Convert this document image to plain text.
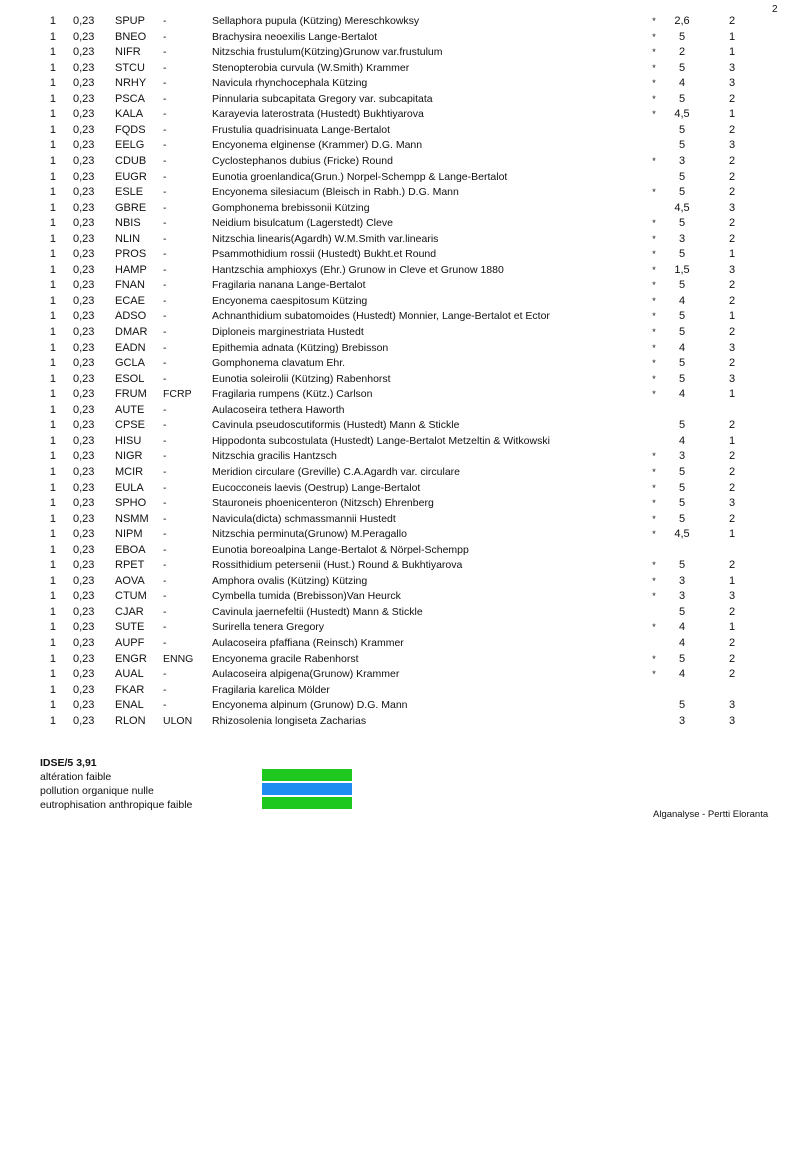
2
1 0,23 SPUP -	Sellaphora pupula (Kützing) Mereschkowksy	*	2,6	2
1 0,23 BNEO -	Brachysira neoexilis Lange-Bertalot	*	5	1
1 0,23 NIFR -	Nitzschia frustulum(Kützing)Grunow var.frustulum	*	2	1
1 0,23 STCU -	Stenopterobia curvula (W.Smith) Krammer	*	5	3
1 0,23 NRHY -	Navicula rhynchocephala Kützing	*	4	3
1 0,23 PSCA -	Pinnularia subcapitata Gregory var. subcapitata	*	5	2
1 0,23 KALA -	Karayevia laterostrata (Hustedt) Bukhtiyarova	*	4,5	1
1 0,23 FQDS -	Frustulia quadrisinuata Lange-Bertalot	5	2
1 0,23 EELG -	Encyonema elginense (Krammer) D.G. Mann	5	3
1 0,23 CDUB -	Cyclostephanos dubius (Fricke) Round	*	3	2
1 0,23 EUGR -	Eunotia groenlandica(Grun.) Norpel-Schempp & Lange-Bertalot	5	2
1 0,23 ESLE -	Encyonema silesiacum (Bleisch in Rabh.) D.G. Mann	*	5	2
1 0,23 GBRE -	Gomphonema brebissonii Kützing	4,5	3
1 0,23 NBIS -	Neidium bisulcatum (Lagerstedt) Cleve	*	5	2
1 0,23 NLIN -	Nitzschia linearis(Agardh) W.M.Smith var.linearis	*	3	2
1 0,23 PROS -	Psammothidium rossii (Hustedt) Bukht.et Round	*	5	1
1 0,23 HAMP -	Hantzschia amphioxys (Ehr.) Grunow in Cleve et Grunow 1880	*	1,5	3
1 0,23 FNAN -	Fragilaria nanana Lange-Bertalot	*	5	2
1 0,23 ECAE -	Encyonema caespitosum Kützing	*	4	2
1 0,23 ADSO -	Achnanthidium subatomoides (Hustedt) Monnier, Lange-Bertalot et Ector	*	5	1
1 0,23 DMAR -	Diploneis marginestriata Hustedt	*	5	2
1 0,23 EADN -	Epithemia adnata (Kützing) Brebisson	*	4	3
1 0,23 GCLA -	Gomphonema clavatum Ehr.	*	5	2
1 0,23 ESOL -	Eunotia soleirolii (Kützing) Rabenhorst	*	5	3
1 0,23 FRUM FCRP Fragilaria rumpens (Kütz.) Carlson	*	4	1
1 0,23 AUTE -	Aulacoseira tethera Haworth
1 0,23 CPSE -	Cavinula pseudoscutiformis (Hustedt) Mann & Stickle	5	2
1 0,23 HISU -	Hippodonta subcostulata (Hustedt) Lange-Bertalot Metzeltin & Witkowski	4	1
1 0,23 NIGR -	Nitzschia gracilis Hantzsch	*	3	2
1 0,23 MCIR -	Meridion circulare (Greville) C.A.Agardh var. circulare	*	5	2
1 0,23 EULA -	Eucocconeis laevis (Oestrup) Lange-Bertalot	*	5	2
1 0,23 SPHO -	Stauroneis phoenicenteron (Nitzsch) Ehrenberg	*	5	3
1 0,23 NSMM -	Navicula(dicta) schmassmannii Hustedt	*	5	2
1 0,23 NIPM -	Nitzschia perminuta(Grunow) M.Peragallo	*	4,5	1
1 0,23 EBOA -	Eunotia boreoalpina Lange-Bertalot & Nörpel-Schempp
1 0,23 RPET -	Rossithidium petersenii (Hust.) Round & Bukhtiyarova	*	5	2
1 0,23 AOVA -	Amphora ovalis (Kützing) Kützing	*	3	1
1 0,23 CTUM -	Cymbella tumida (Brebisson)Van Heurck	*	3	3
1 0,23 CJAR -	Cavinula jaernefeltii (Hustedt) Mann & Stickle	5	2
1 0,23 SUTE -	Surirella tenera Gregory	*	4	1
1 0,23 AUPF -	Aulacoseira pfaffiana (Reinsch) Krammer	4	2
1 0,23 ENGR ENNG Encyonema gracile Rabenhorst	*	5	2
1 0,23 AUAL -	Aulacoseira alpigena(Grunow) Krammer	*	4	2
1 0,23 FKAR -	Fragilaria karelica Mölder
1 0,23 ENAL -	Encyonema alpinum (Grunow) D.G. Mann	5	3
1 0,23 RLON ULON Rhizosolenia longiseta Zacharias	3	3
IDSE/5 3,91
altération faible
pollution organique nulle
eutrophisation anthropique faible
Alganalyse - Pertti Eloranta
